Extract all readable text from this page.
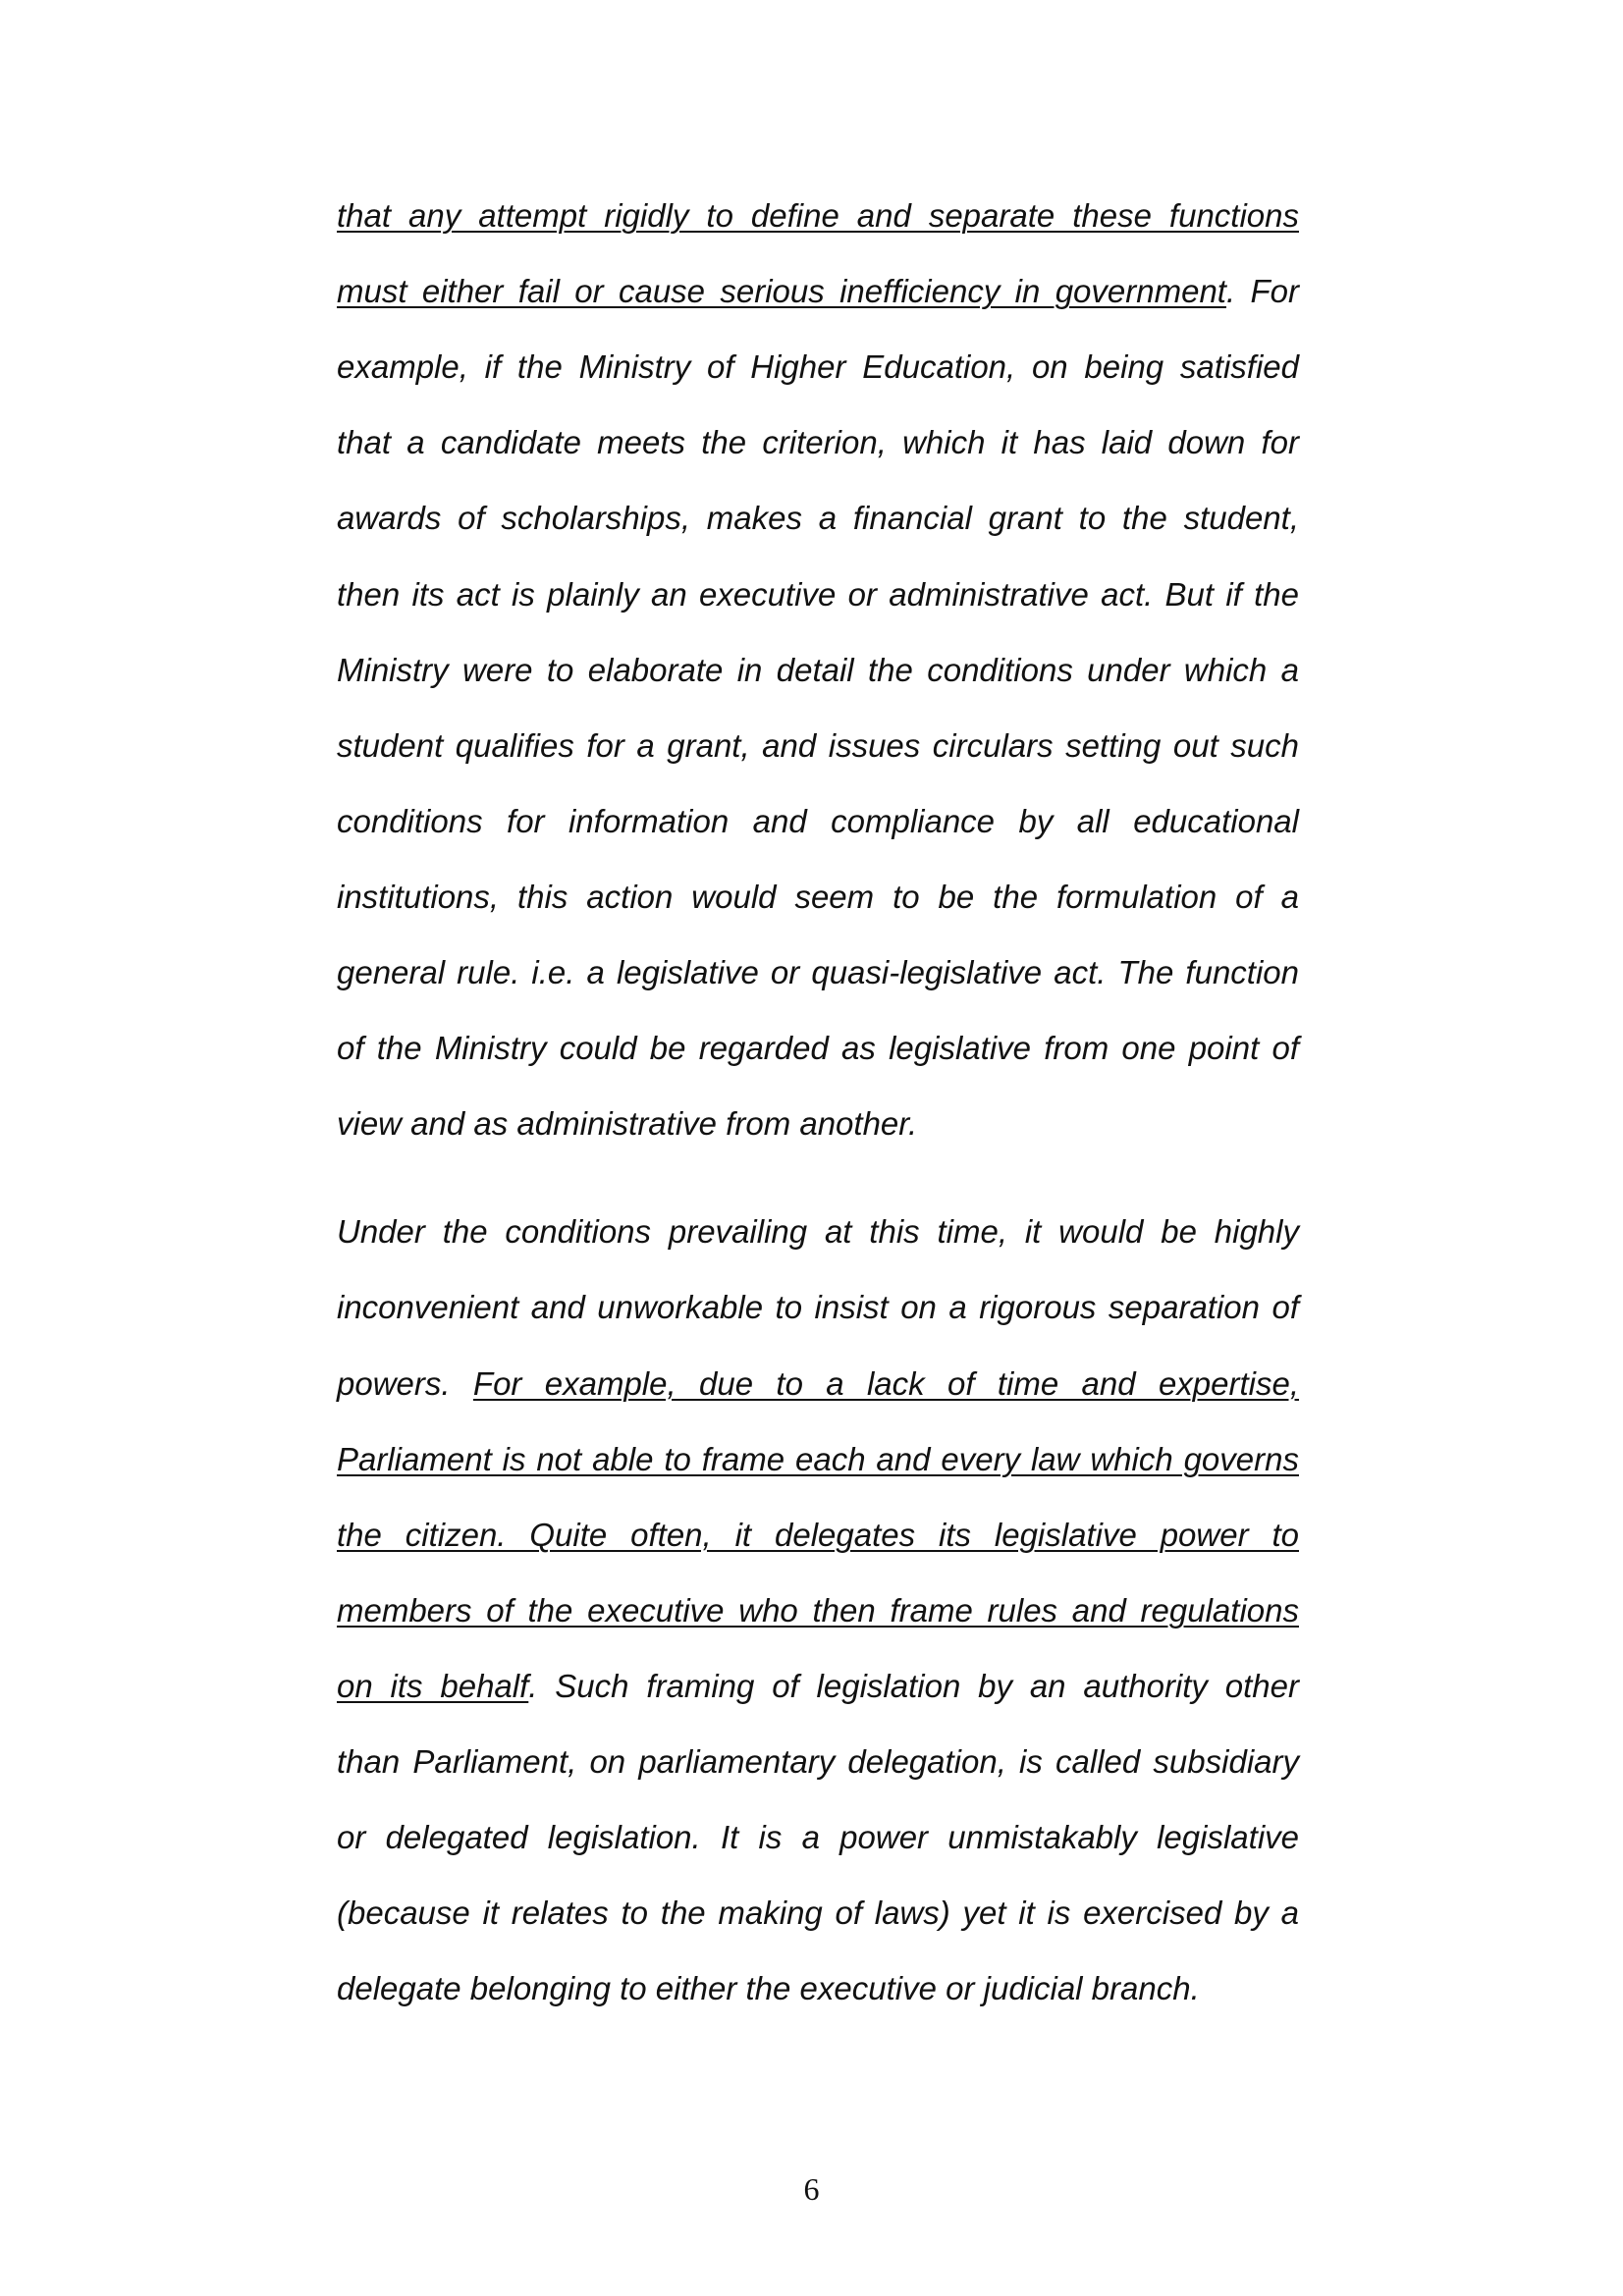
that any attempt rigidly to define and separate these functions
must either fail or cause serious inefficiency in government. For
example, if the Ministry of Higher Education, on being satisfied
that a candidate meets the criterion, which it has laid down for
awards of scholarships, makes a financial grant to the student,
then its act is plainly an executive or administrative act. But if the
Ministry were to elaborate in detail the conditions under which a
student qualifies for a grant, and issues circulars setting out such
conditions for information and compliance by all educational
institutions, this action would seem to be the formulation of a
general rule. i.e. a legislative or quasi-legislative act. The function
of the Ministry could be regarded as legislative from one point of
view and as administrative from another.
Under the conditions prevailing at this time, it would be highly
inconvenient and unworkable to insist on a rigorous separation of
powers. For example, due to a lack of time and expertise,
Parliament is not able to frame each and every law which governs
the citizen. Quite often, it delegates its legislative power to
members of the executive who then frame rules and regulations
on its behalf. Such framing of legislation by an authority other
than Parliament, on parliamentary delegation, is called subsidiary
or delegated legislation. It is a power unmistakably legislative
(because it relates to the making of laws) yet it is exercised by a
delegate belonging to either the executive or judicial branch.
6
